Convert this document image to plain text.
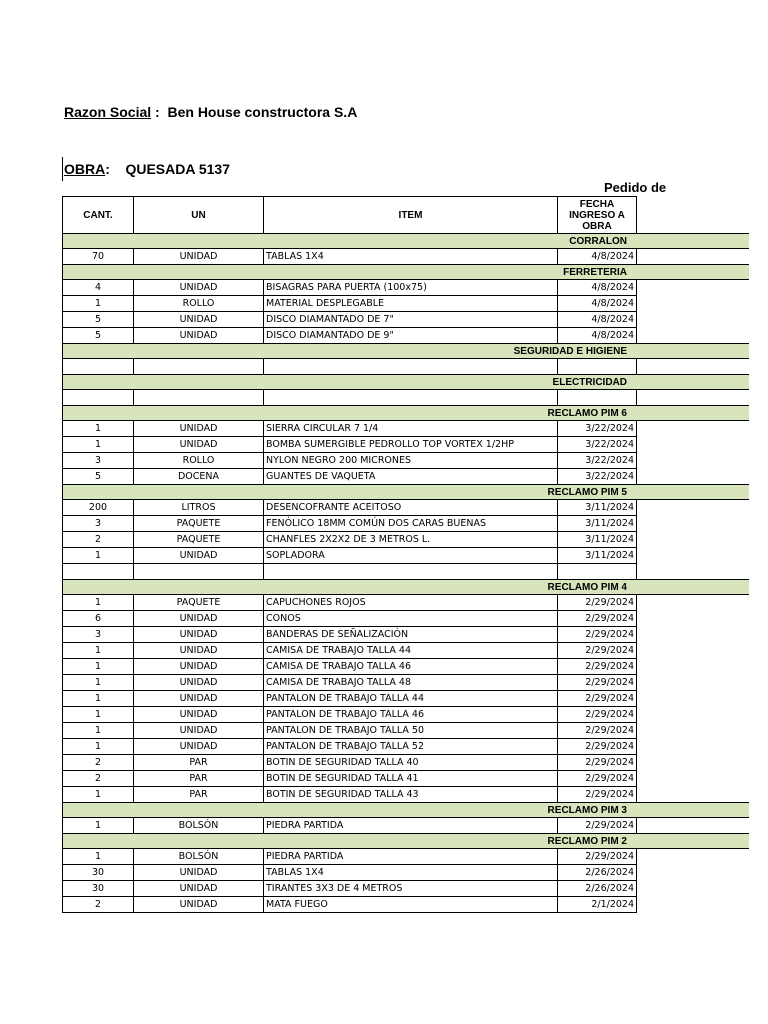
Razon Social :  Ben House constructora S.A
OBRA:    QUESADA 5137
Pedido de
CANT.	UN	ITEM	FECHA INGRESO A OBRA	
CORRALON				
70	UNIDAD	TABLAS 1X4	4/8/2024	
FERRETERIA				
4	UNIDAD	BISAGRAS PARA PUERTA (100x75)	4/8/2024	
1	ROLLO	MATERIAL DESPLEGABLE	4/8/2024	
5	UNIDAD	DISCO DIAMANTADO DE 7"	4/8/2024	
5	UNIDAD	DISCO DIAMANTADO DE 9"	4/8/2024	
SEGURIDAD E HIGIENE				

ELECTRICIDAD				

RECLAMO PIM 6				
1	UNIDAD	SIERRA CIRCULAR 7 1/4	3/22/2024	
1	UNIDAD	BOMBA SUMERGIBLE PEDROLLO TOP VORTEX 1/2HP	3/22/2024	
3	ROLLO	NYLON NEGRO 200 MICRONES	3/22/2024	
5	DOCENA	GUANTES DE VAQUETA	3/22/2024	
RECLAMO PIM 5				
200	LITROS	DESENCOFRANTE ACEITOSO	3/11/2024	
3	PAQUETE	FENÓLICO 18MM COMÚN DOS CARAS BUENAS	3/11/2024	
2	PAQUETE	CHANFLES 2X2X2 DE 3 METROS L.	3/11/2024	
1	UNIDAD	SOPLADORA	3/11/2024	

RECLAMO PIM 4				
1	PAQUETE	CAPUCHONES ROJOS	2/29/2024	
6	UNIDAD	CONOS	2/29/2024	
3	UNIDAD	BANDERAS DE SEÑALIZACIÓN	2/29/2024	
1	UNIDAD	CAMISA DE TRABAJO TALLA 44	2/29/2024	
1	UNIDAD	CAMISA DE TRABAJO TALLA 46	2/29/2024	
1	UNIDAD	CAMISA DE TRABAJO TALLA 48	2/29/2024	
1	UNIDAD	PANTALON DE TRABAJO TALLA 44	2/29/2024	
1	UNIDAD	PANTALON DE TRABAJO TALLA 46	2/29/2024	
1	UNIDAD	PANTALON DE TRABAJO TALLA 50	2/29/2024	
1	UNIDAD	PANTALON DE TRABAJO TALLA 52	2/29/2024	
2	PAR	BOTIN DE SEGURIDAD TALLA 40	2/29/2024	
2	PAR	BOTIN DE SEGURIDAD TALLA 41	2/29/2024	
1	PAR	BOTIN DE SEGURIDAD TALLA 43	2/29/2024	
RECLAMO PIM 3				
1	BOLSÓN	PIEDRA PARTIDA	2/29/2024	
RECLAMO PIM 2				
1	BOLSÓN	PIEDRA PARTIDA	2/29/2024	
30	UNIDAD	TABLAS 1X4	2/26/2024	
30	UNIDAD	TIRANTES 3X3 DE 4 METROS	2/26/2024	
2	UNIDAD	MATA FUEGO	2/1/2024	
